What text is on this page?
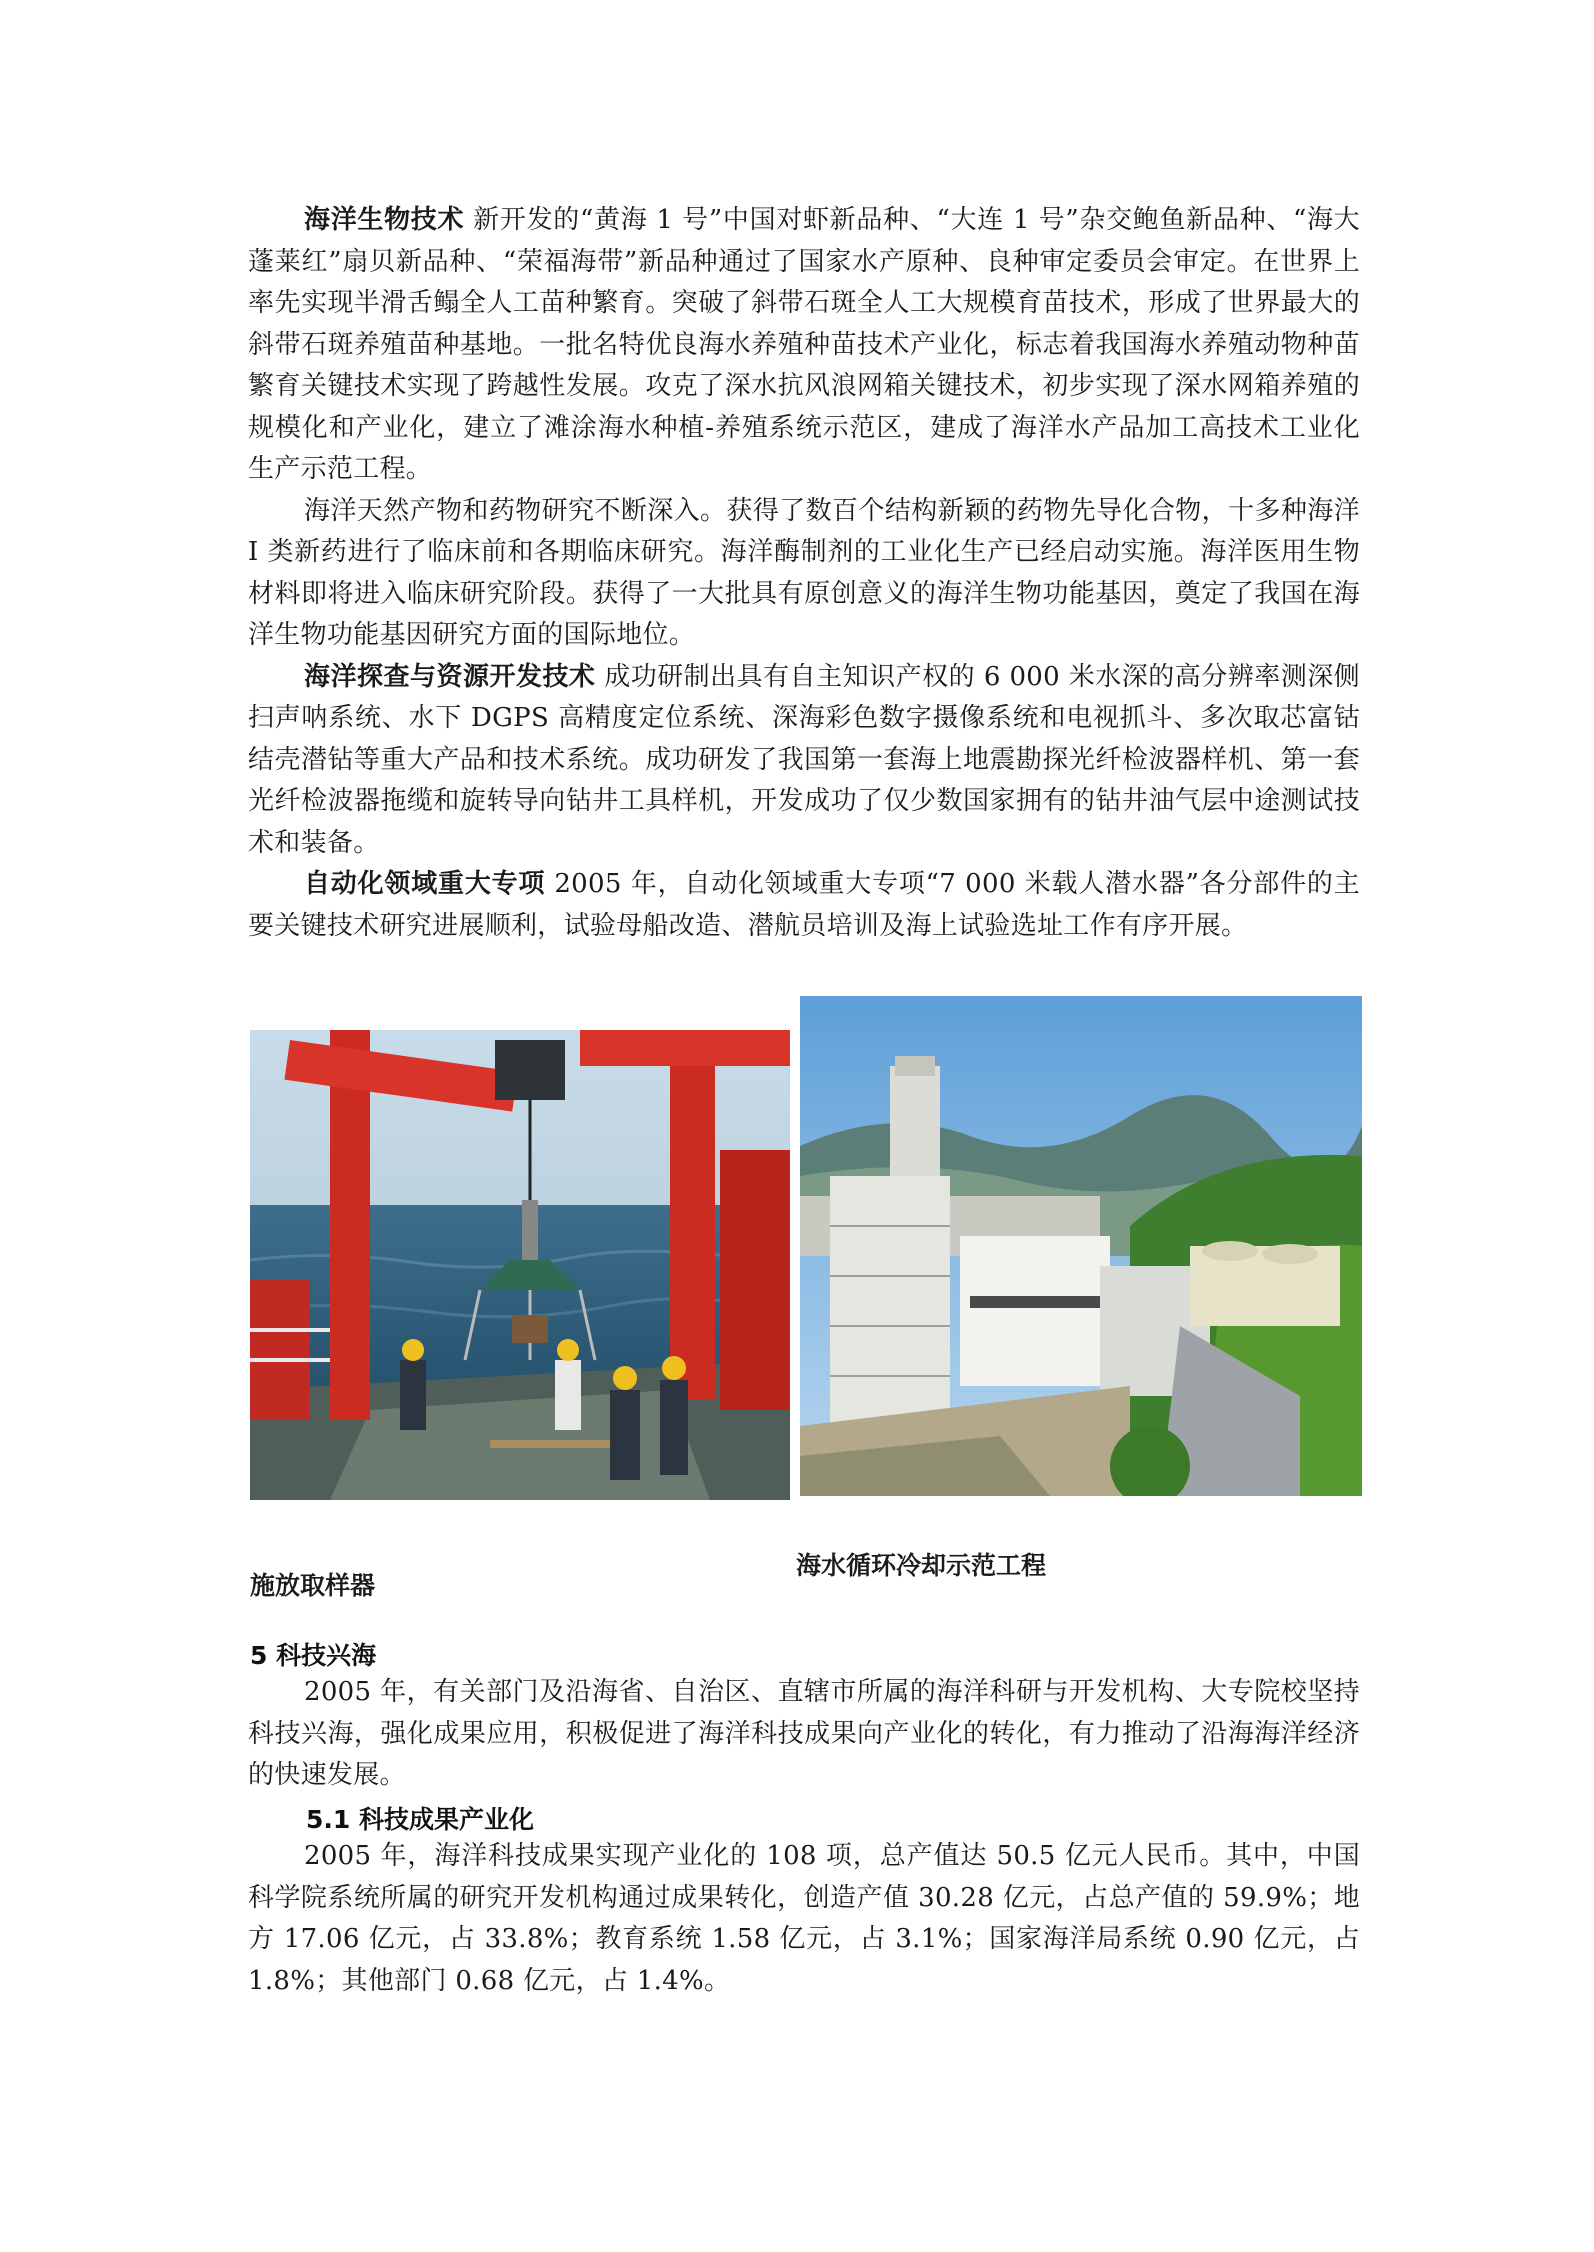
海洋生物技术 新开发的“黄海 1 号”中国对虾新品种、“大连 1 号”杂交鲍鱼新品种、“海大蓬莱红”扇贝新品种、“荣福海带”新品种通过了国家水产原种、良种审定委员会审定。在世界上率先实现半滑舌鳎全人工苗种繁育。突破了斜带石斑全人工大规模育苗技术，形成了世界最大的斜带石斑养殖苗种基地。一批名特优良海水养殖种苗技术产业化，标志着我国海水养殖动物种苗繁育关键技术实现了跨越性发展。攻克了深水抗风浪网箱关键技术，初步实现了深水网箱养殖的规模化和产业化，建立了滩涂海水种植-养殖系统示范区，建成了海洋水产品加工高技术工业化生产示范工程。

海洋天然产物和药物研究不断深入。获得了数百个结构新颖的药物先导化合物，十多种海洋 I 类新药进行了临床前和各期临床研究。海洋酶制剂的工业化生产已经启动实施。海洋医用生物材料即将进入临床研究阶段。获得了一大批具有原创意义的海洋生物功能基因，奠定了我国在海洋生物功能基因研究方面的国际地位。

海洋探查与资源开发技术 成功研制出具有自主知识产权的 6 000 米水深的高分辨率测深侧扫声呐系统、水下 DGPS 高精度定位系统、深海彩色数字摄像系统和电视抓斗、多次取芯富钴结壳潜钻等重大产品和技术系统。成功研发了我国第一套海上地震勘探光纤检波器样机、第一套光纤检波器拖缆和旋转导向钻井工具样机，开发成功了仅少数国家拥有的钻井油气层中途测试技术和装备。

自动化领域重大专项 2005 年，自动化领域重大专项“7 000 米载人潜水器”各分部件的主要关键技术研究进展顺利，试验母船改造、潜航员培训及海上试验选址工作有序开展。

施放取样器

海水循环冷却示范工程

5 科技兴海

2005 年，有关部门及沿海省、自治区、直辖市所属的海洋科研与开发机构、大专院校坚持科技兴海，强化成果应用，积极促进了海洋科技成果向产业化的转化，有力推动了沿海海洋经济的快速发展。

5.1 科技成果产业化

2005 年，海洋科技成果实现产业化的 108 项，总产值达 50.5 亿元人民币。其中，中国科学院系统所属的研究开发机构通过成果转化，创造产值 30.28 亿元，占总产值的 59.9%；地方 17.06 亿元，占 33.8%；教育系统 1.58 亿元，占 3.1%；国家海洋局系统 0.90 亿元，占 1.8%；其他部门 0.68 亿元，占 1.4%。
